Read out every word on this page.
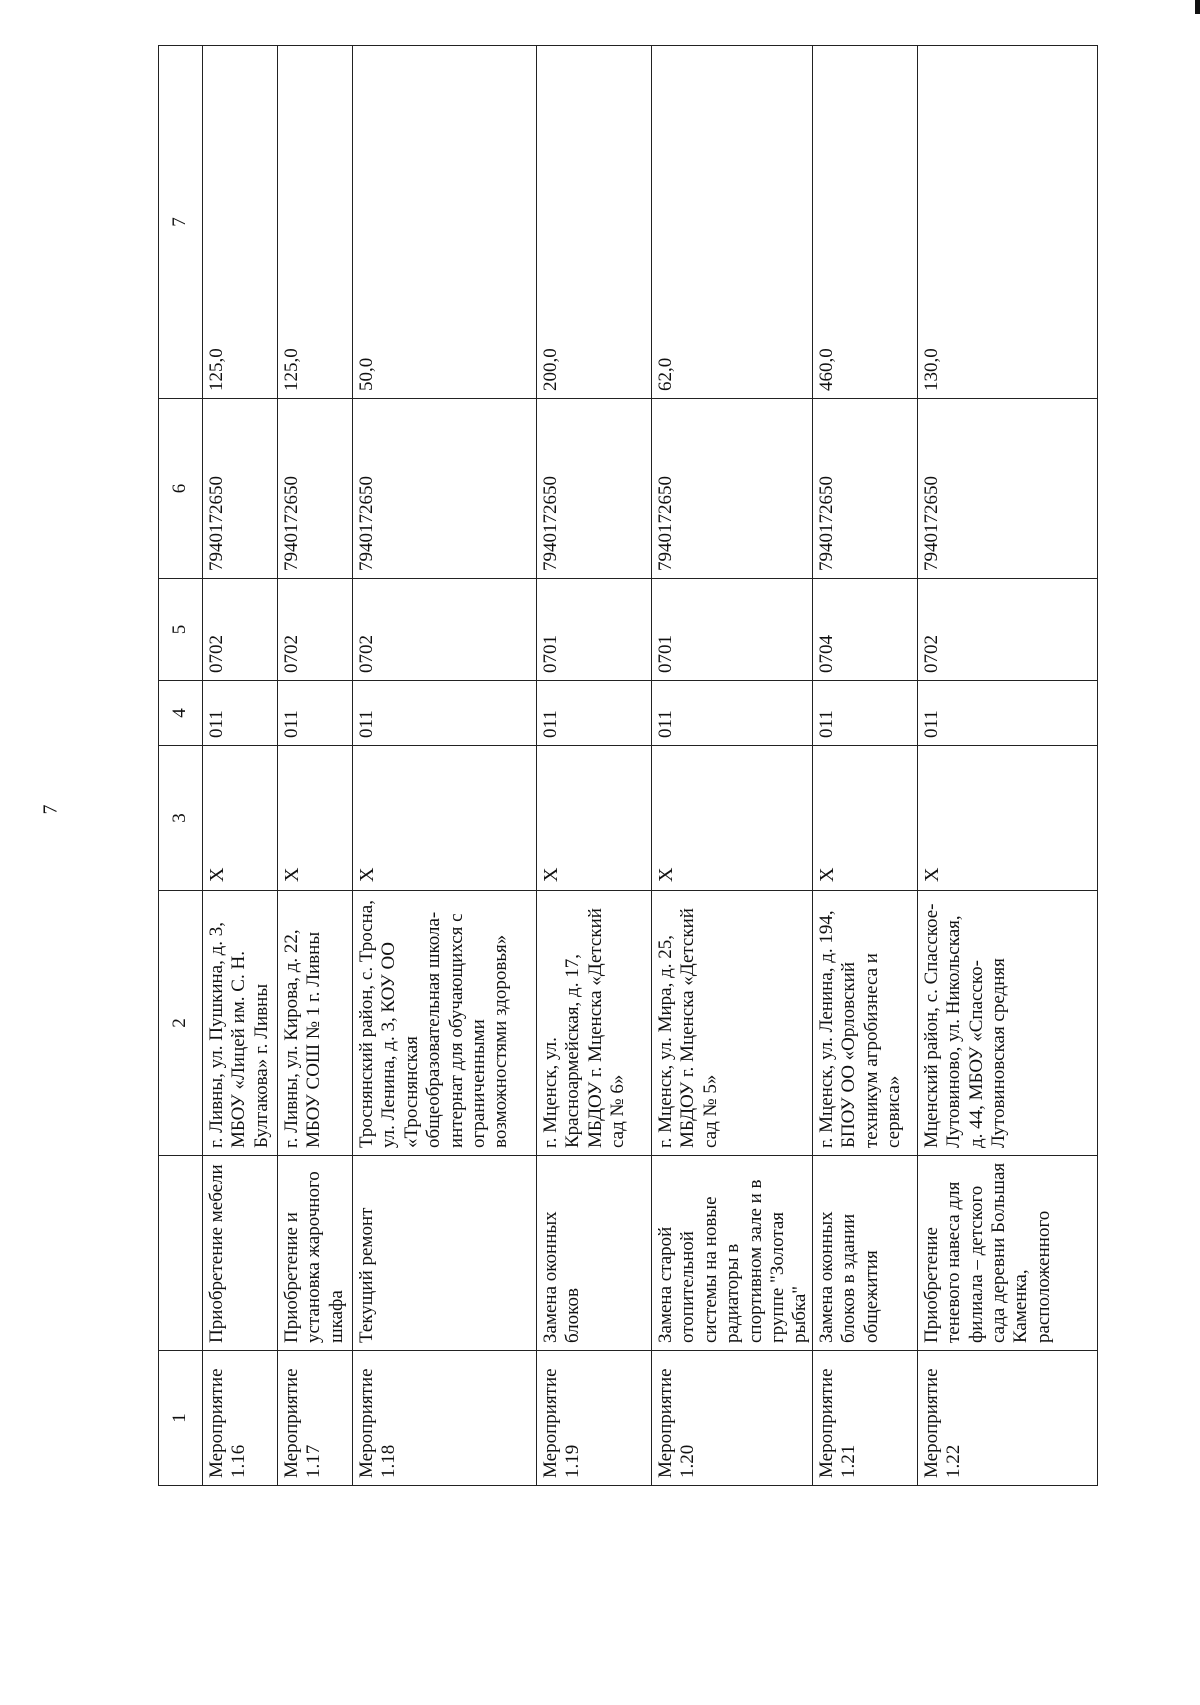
7
1		2	3	4	5	6	7
Мероприятие 1.16	Приобретение мебели	г. Ливны, ул. Пушкина, д. 3, МБОУ «Лицей им. С. Н. Булгакова» г. Ливны	Х	011	0702	7940172650	125,0
Мероприятие 1.17	Приобретение и установка жарочного шкафа	г. Ливны, ул. Кирова, д. 22, МБОУ СОШ № 1 г. Ливны	Х	011	0702	7940172650	125,0
Мероприятие 1.18	Текущий ремонт	Троснянский район, с. Тросна, ул. Ленина, д. 3, КОУ ОО «Троснянская общеобразовательная школа-интернат для обучающихся с ограниченными возможностями здоровья»	Х	011	0702	7940172650	50,0
Мероприятие 1.19	Замена оконных блоков	г. Мценск, ул. Красноармейская, д. 17, МБДОУ г. Мценска «Детский сад № 6»	Х	011	0701	7940172650	200,0
Мероприятие 1.20	Замена старой отопительной системы на новые радиаторы в спортивном зале и в группе "Золотая рыбка"	г. Мценск, ул. Мира, д. 25, МБДОУ г. Мценска «Детский сад № 5»	Х	011	0701	7940172650	62,0
Мероприятие 1.21	Замена оконных блоков в здании общежития	г. Мценск, ул. Ленина, д. 194, БПОУ ОО «Орловский техникум агробизнеса и сервиса»	Х	011	0704	7940172650	460,0
Мероприятие 1.22	Приобретение теневого навеса для филиала – детского сада деревни Большая Каменка, расположенного	Мценский район, с. Спасское-Лутовиново, ул. Никольская, д. 44, МБОУ «Спасско-Лутовиновская средняя	Х	011	0702	7940172650	130,0
